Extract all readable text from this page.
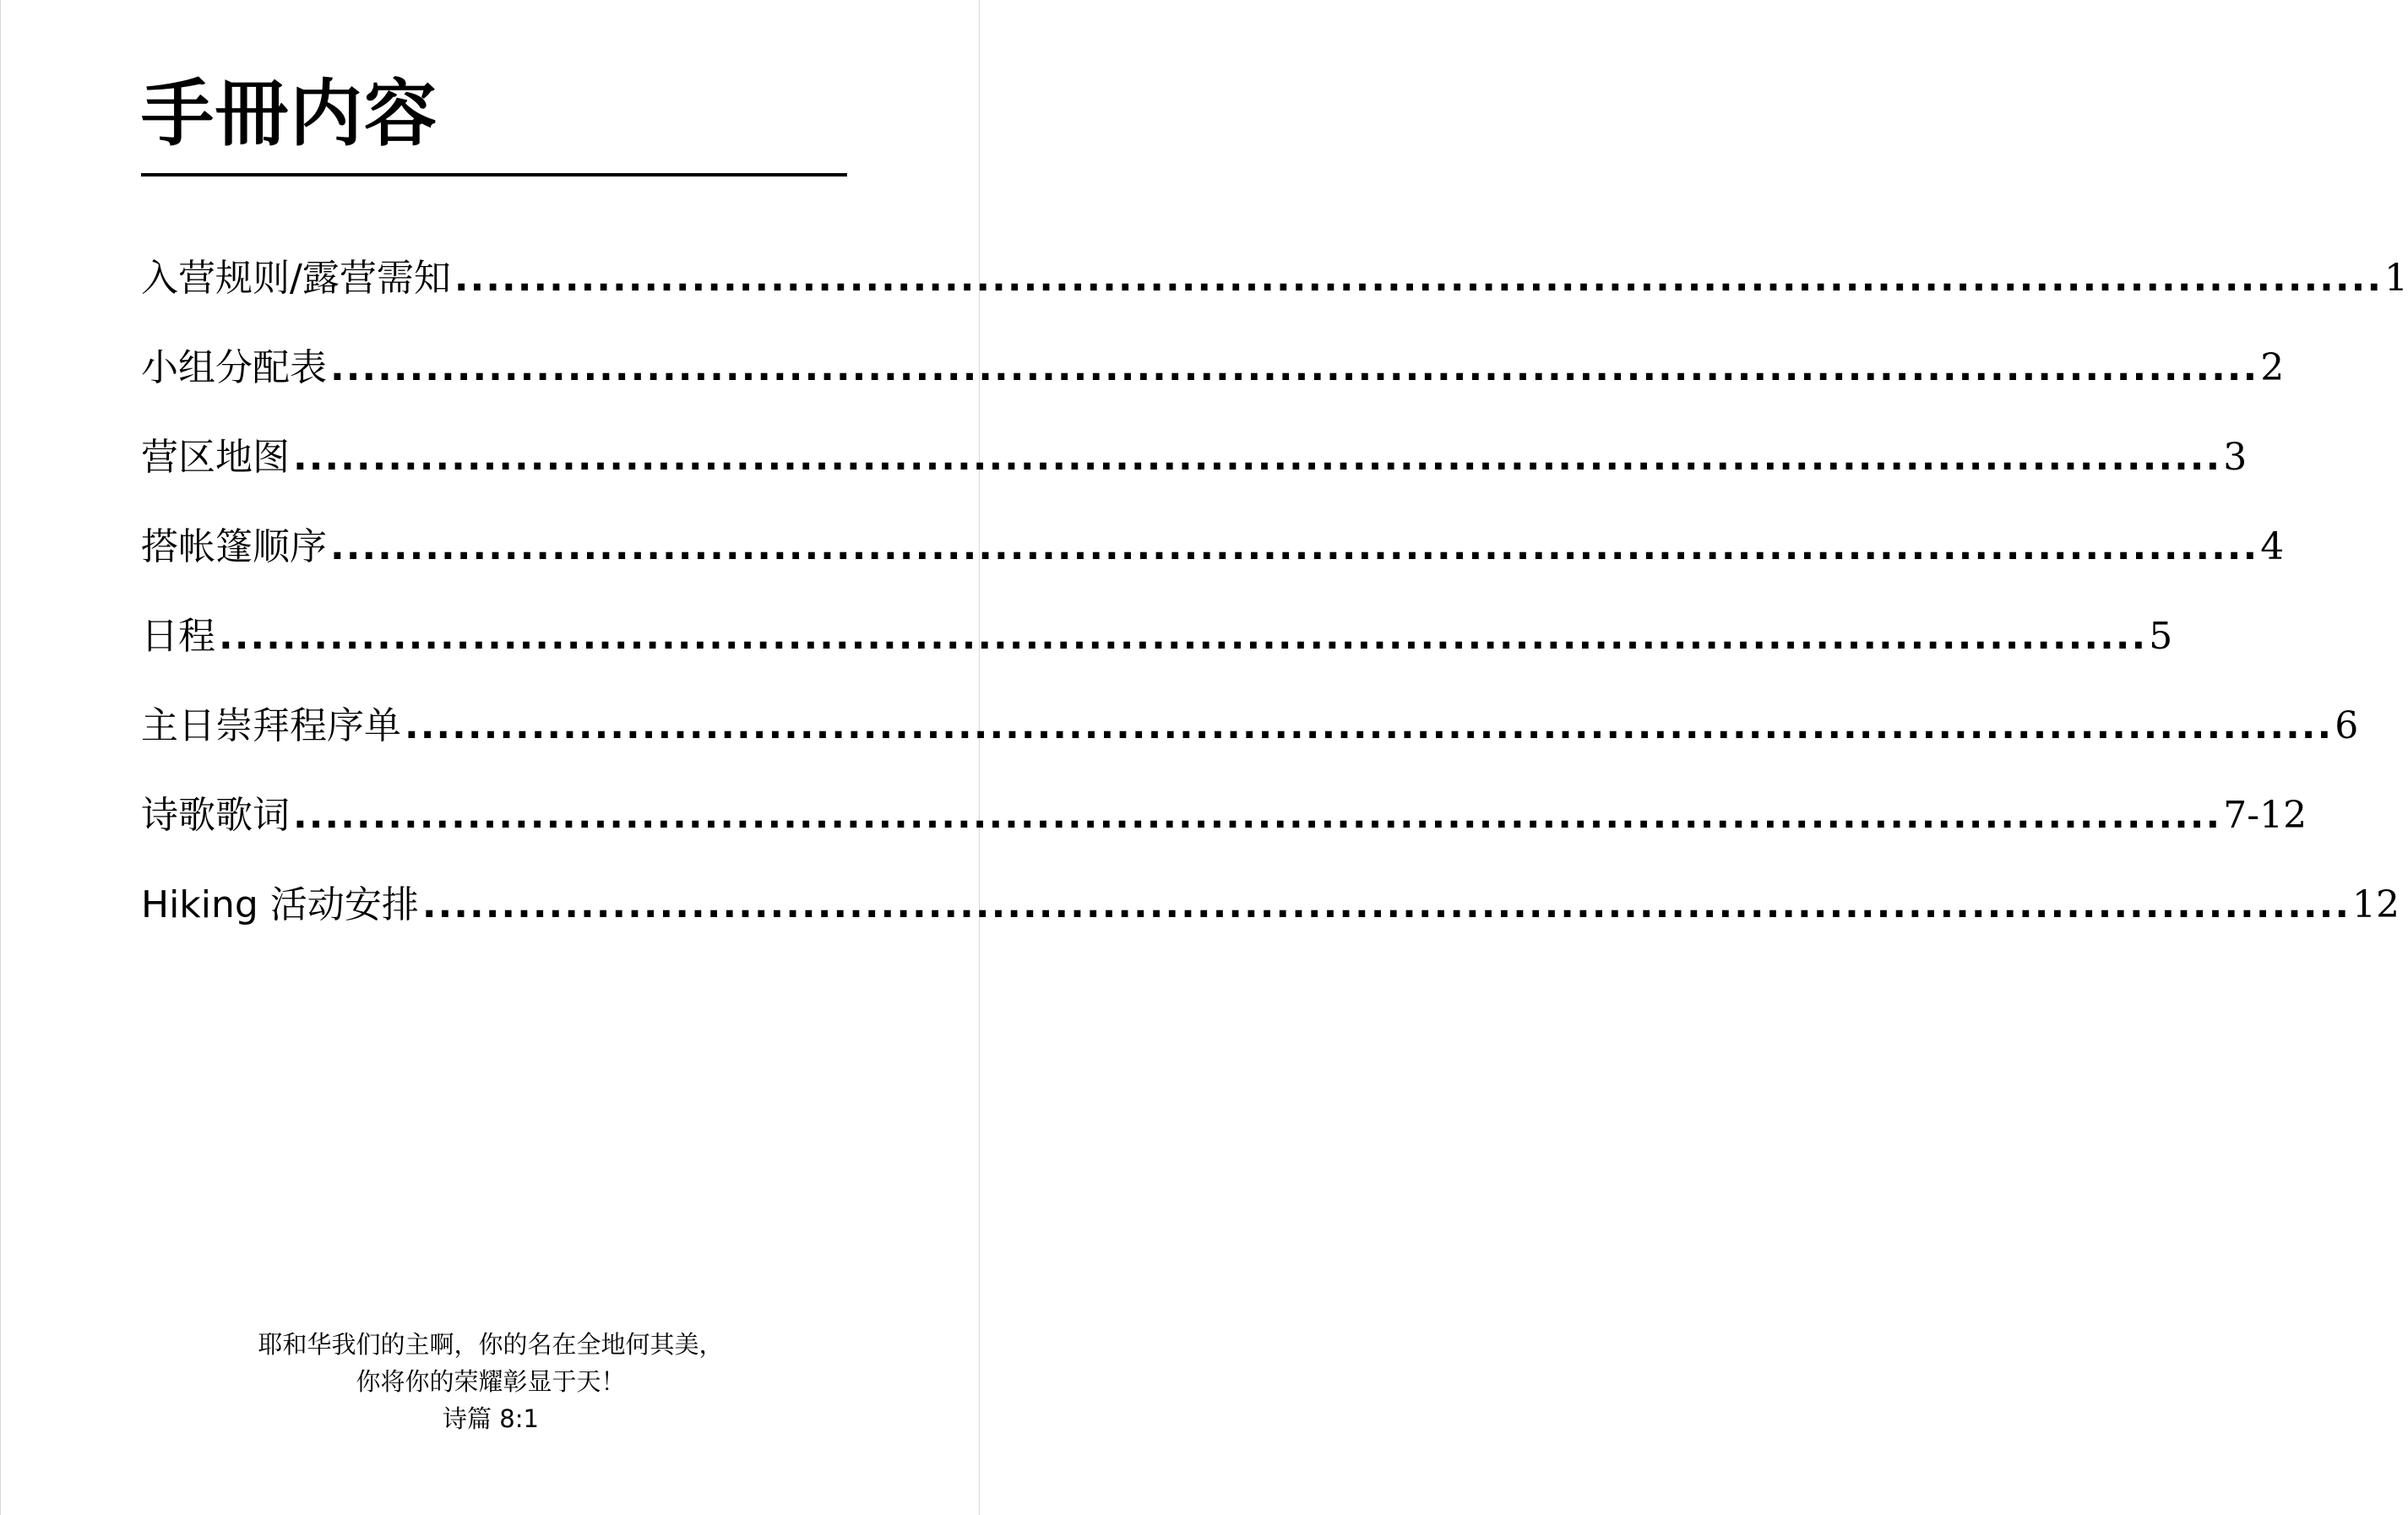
手冊内容
入营规则/露营需知 .......................................................................................................................... 1
小组分配表 .......................................................................................................................... 2
营区地图 .......................................................................................................................... 3
搭帐篷顺序 .......................................................................................................................... 4
日程 .......................................................................................................................... 5
主日崇拜程序单 .......................................................................................................................... 6
诗歌歌词 .......................................................................................................................... 7-12
Hiking 活动安排 .......................................................................................................................... 12
耶和华我们的主啊，你的名在全地何其美，
你将你的荣耀彰显于天！
诗篇 8:1
